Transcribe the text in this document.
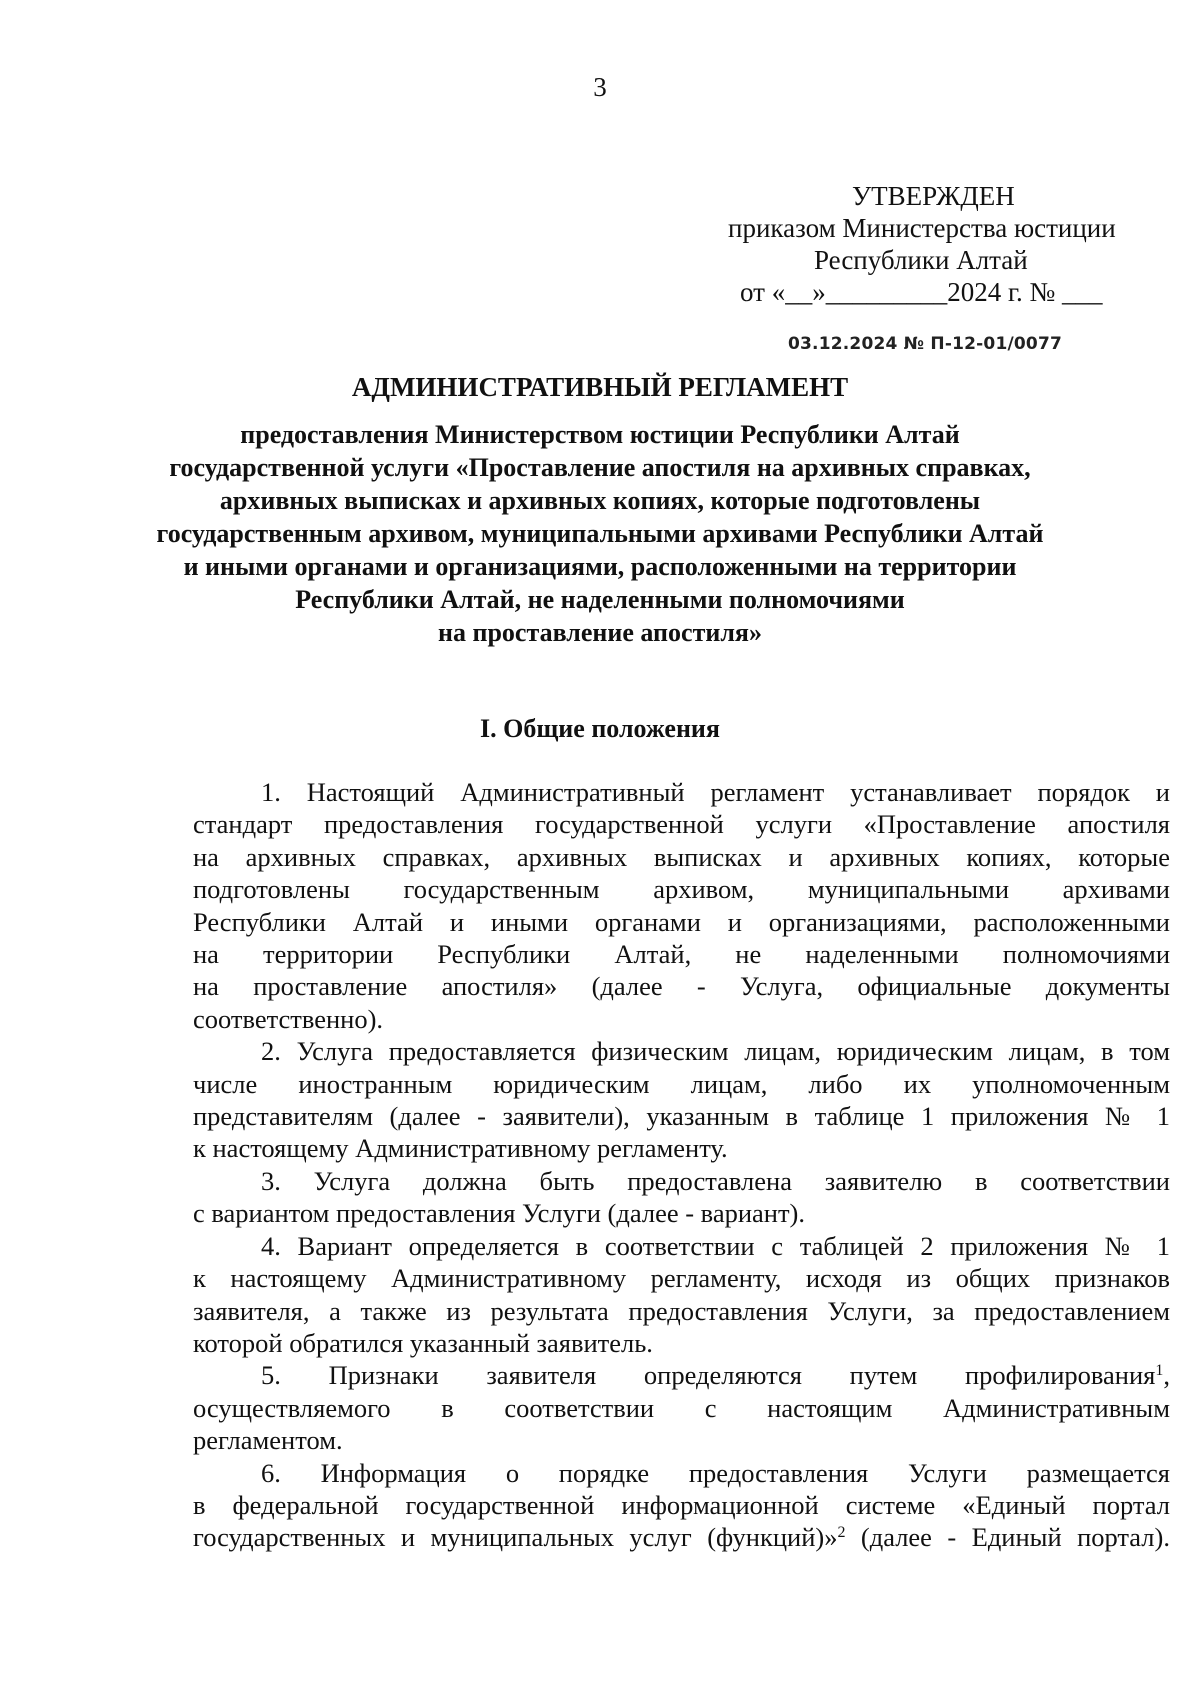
3
УТВЕРЖДЕН
приказом Министерства юстиции
Республики Алтай
от «__»_________2024 г. № ___
03.12.2024 № П-12-01/0077
АДМИНИСТРАТИВНЫЙ РЕГЛАМЕНТ
предоставления Министерством юстиции Республики Алтай
государственной услуги «Проставление апостиля на архивных справках,
архивных выписках и архивных копиях, которые подготовлены
государственным архивом, муниципальными архивами Республики Алтай
и иными органами и организациями, расположенными на территории
Республики Алтай, не наделенными полномочиями
на проставление апостиля»
I. Общие положения
1. Настоящий Административный регламент устанавливает порядок и
стандарт предоставления государственной услуги «Проставление апостиля
на архивных справках, архивных выписках и архивных копиях, которые
подготовлены государственным архивом, муниципальными архивами
Республики Алтай и иными органами и организациями, расположенными
на территории Республики Алтай, не наделенными полномочиями
на проставление апостиля» (далее - Услуга, официальные документы
соответственно).
2. Услуга предоставляется физическим лицам, юридическим лицам, в том
числе иностранным юридическим лицам, либо их уполномоченным
представителям (далее - заявители), указанным в таблице 1 приложения № 1
к настоящему Административному регламенту.
3. Услуга должна быть предоставлена заявителю в соответствии
с вариантом предоставления Услуги (далее - вариант).
4. Вариант определяется в соответствии с таблицей 2 приложения № 1
к настоящему Административному регламенту, исходя из общих признаков
заявителя, а также из результата предоставления Услуги, за предоставлением
которой обратился указанный заявитель.
5. Признаки заявителя определяются путем профилирования$^1$,
осуществляемого в соответствии с настоящим Административным
регламентом.
6. Информация о порядке предоставления Услуги размещается
в федеральной государственной информационной системе «Единый портал
государственных и муниципальных услуг (функций)»$^2$ (далее - Единый портал).
